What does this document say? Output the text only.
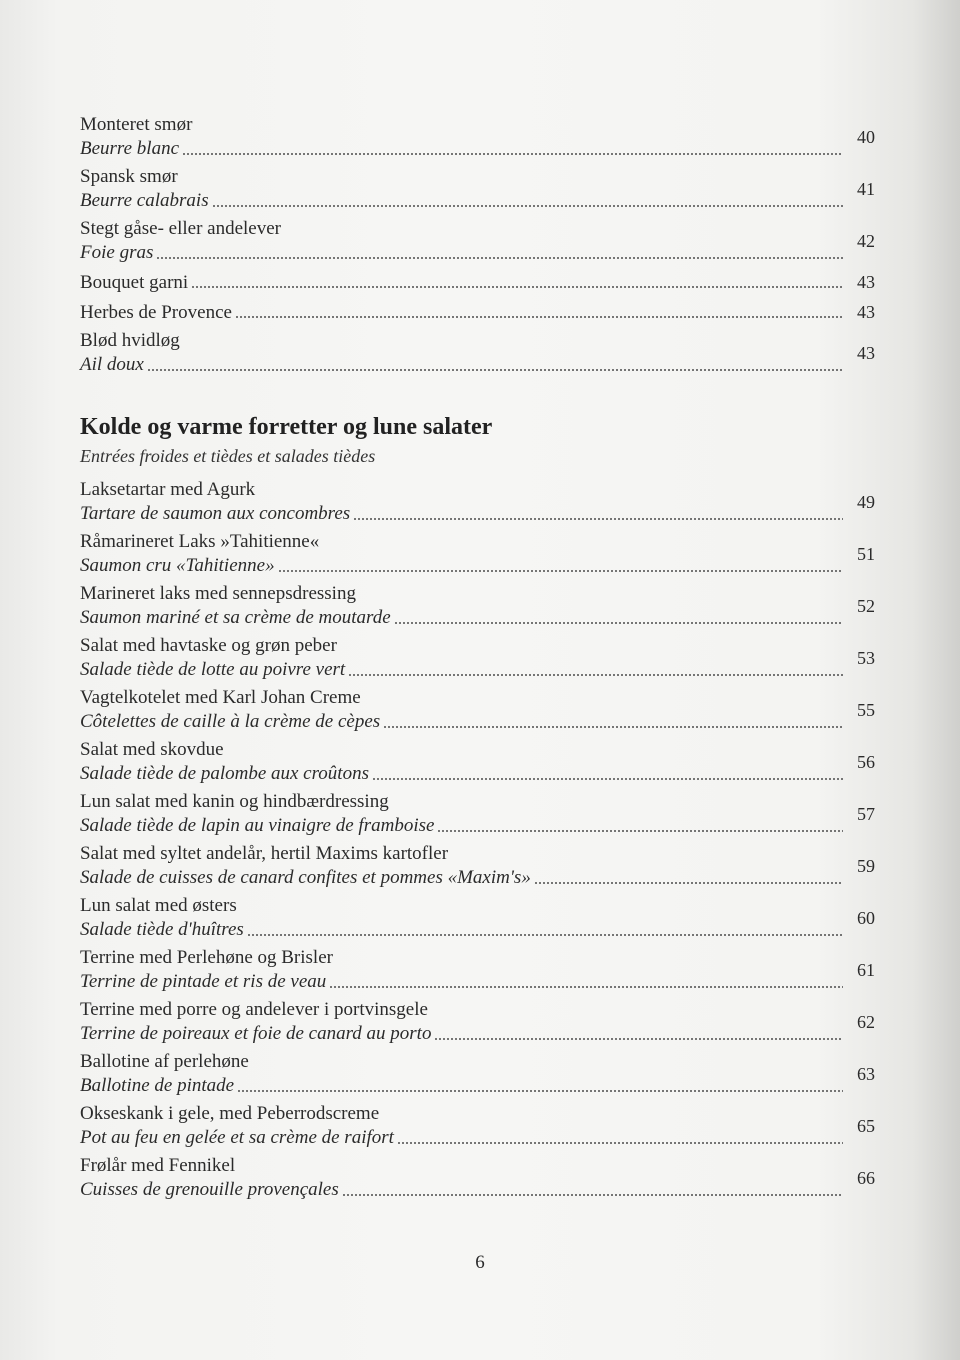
Monteret smør
Beurre blanc
40
Spansk smør
Beurre calabrais
41
Stegt gåse- eller andelever
Foie gras
42
Bouquet garni	43
Herbes de Provence	43
Blød hvidløg
Ail doux
43
Kolde og varme forretter og lune salater
Entrées froides et tièdes et salades tièdes
Laksetartar med Agurk
Tartare de saumon aux concombres
49
Råmarineret Laks »Tahitienne«
Saumon cru «Tahitienne»
51
Marineret laks med sennepsdressing
Saumon mariné et sa crème de moutarde
52
Salat med havtaske og grøn peber
Salade tiède de lotte au poivre vert
53
Vagtelkotelet med Karl Johan Creme
Côtelettes de caille à la crème de cèpes
55
Salat med skovdue
Salade tiède de palombe aux croûtons
56
Lun salat med kanin og hindbærdressing
Salade tiède de lapin au vinaigre de framboise
57
Salat med syltet andelår, hertil Maxims kartofler
Salade de cuisses de canard confites et pommes «Maxim's»
59
Lun salat med østers
Salade tiède d'huîtres
60
Terrine med Perlehøne og Brisler
Terrine de pintade et ris de veau
61
Terrine med porre og andelever i portvinsgele
Terrine de poireaux et foie de canard au porto
62
Ballotine af perlehøne
Ballotine de pintade
63
Okseskank i gele, med Peberrodscreme
Pot au feu en gelée et sa crème de raifort
65
Frølår med Fennikel
Cuisses de grenouille provençales
66
6
